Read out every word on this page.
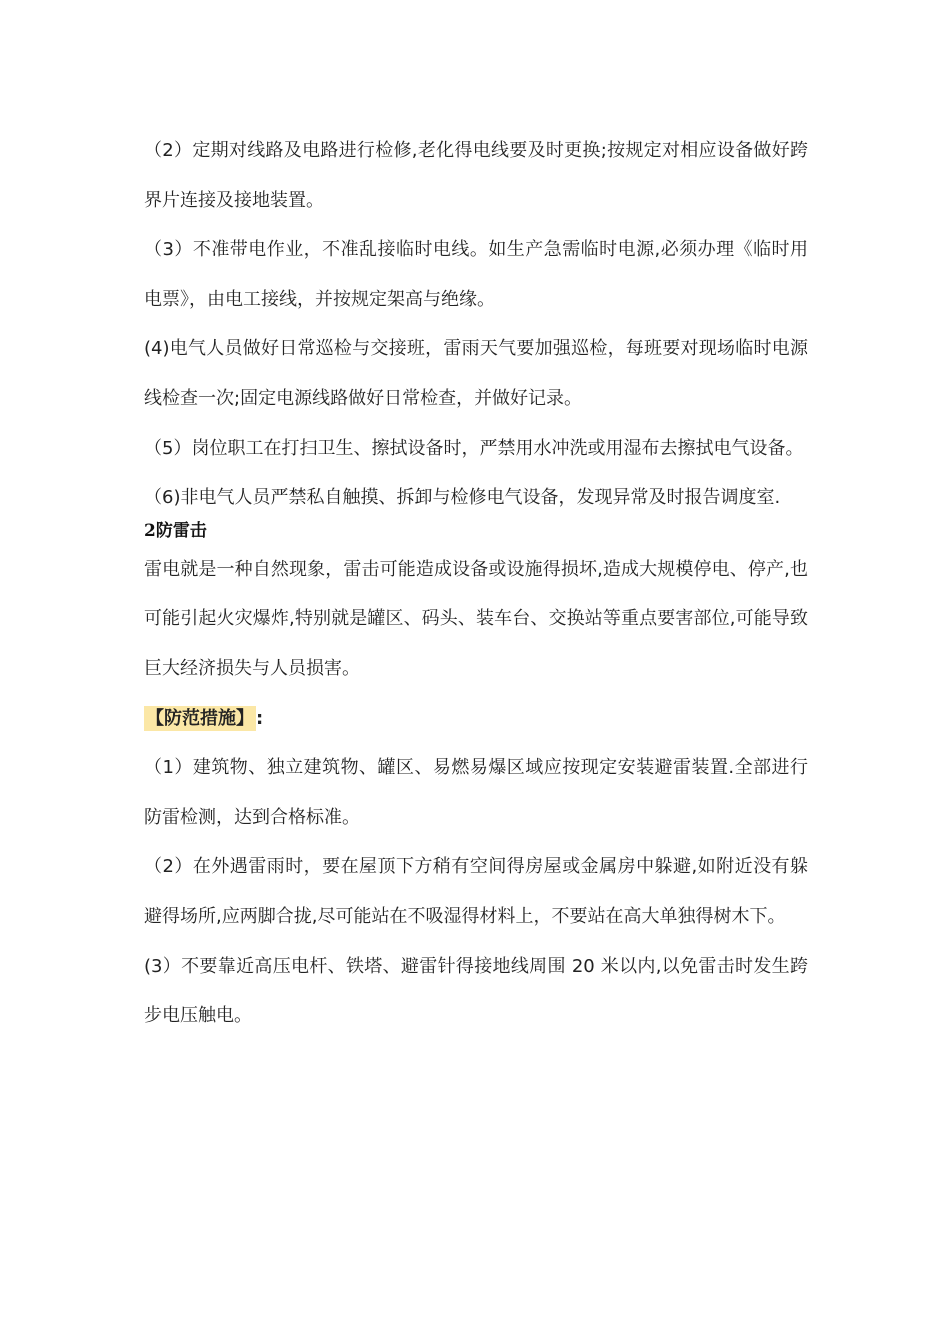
（2）定期对线路及电路进行检修,老化得电线要及时更换;按规定对相应设备做好跨界片连接及接地装置。

（3）不准带电作业，不准乱接临时电线。如生产急需临时电源,必须办理《临时用电票》，由电工接线，并按规定架高与绝缘。

(4)电气人员做好日常巡检与交接班，雷雨天气要加强巡检，每班要对现场临时电源线检查一次;固定电源线路做好日常检查，并做好记录。

（5）岗位职工在打扫卫生、擦拭设备时，严禁用水冲洗或用湿布去擦拭电气设备。

（6)非电气人员严禁私自触摸、拆卸与检修电气设备，发现异常及时报告调度室.

2防雷击

雷电就是一种自然现象，雷击可能造成设备或设施得损坏,造成大规模停电、停产,也可能引起火灾爆炸,特别就是罐区、码头、装车台、交换站等重点要害部位,可能导致巨大经济损失与人员损害。

【防范措施】 :

（1）建筑物、独立建筑物、罐区、易燃易爆区域应按现定安装避雷装置.全部进行防雷检测，达到合格标准。

（2）在外遇雷雨时，要在屋顶下方稍有空间得房屋或金属房中躲避,如附近没有躲避得场所,应两脚合拢,尽可能站在不吸湿得材料上，不要站在高大单独得树木下。

(3）不要靠近高压电杆、铁塔、避雷针得接地线周围 20 米以内,以免雷击时发生跨步电压触电。
